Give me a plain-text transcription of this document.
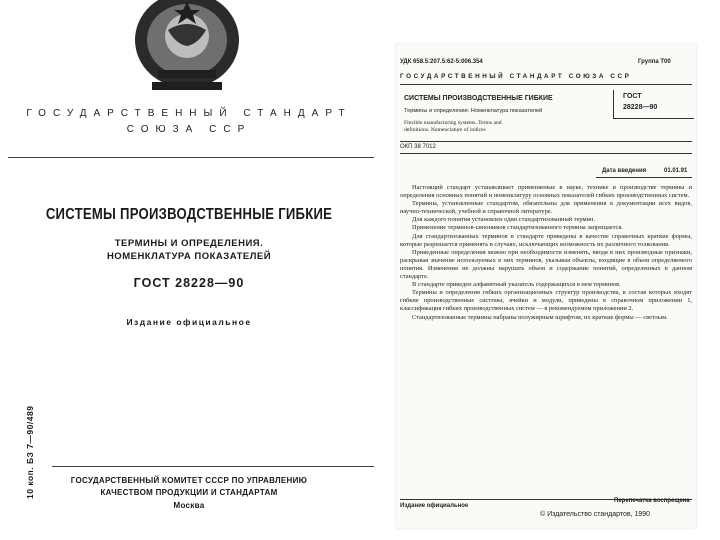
ГОСУДАРСТВЕННЫЙ СТАНДАРТ
СОЮЗА ССР
СИСТЕМЫ ПРОИЗВОДСТВЕННЫЕ ГИБКИЕ
ТЕРМИНЫ И ОПРЕДЕЛЕНИЯ.
НОМЕНКЛАТУРА ПОКАЗАТЕЛЕЙ
ГОСТ 28228—90
Издание официальное
10 коп. БЗ 7—90/489	ГОСУДАРСТВЕННЫЙ КОМИТЕТ СССР ПО УПРАВЛЕНИЮ
КАЧЕСТВОМ ПРОДУКЦИИ И СТАНДАРТАМ
Москва
УДК 658.5:207.5:62-5:006.354	Группа Т00
ГОСУДАРСТВЕННЫЙ СТАНДАРТ СОЮЗА ССР
СИСТЕМЫ ПРОИЗВОДСТВЕННЫЕ ГИБКИЕ
Термины и определения. Номенклатура показателей
Flexible manufacturing systems. Terms and
definitions. Nomenclature of indices
ГОСТ
28228—90
ОКП 38 7012
Дата введения	01.01.91

Настоящий стандарт устанавливает применяемые в науке, технике и производстве термины и определения основных понятий и номенклатуру основных показателей гибких производственных систем.

Термины, установленные стандартом, обязательны для применения в документации всех видов, научно-технической, учебной и справочной литературе.

Для каждого понятия установлен один стандартизованный термин.

Применение терминов-синонимов стандартизованного термина запрещается.

Для стандартизованных терминов в стандарте приведены в качестве справочных краткие формы, которые разрешается применять в случаях, исключающих возможность их различного толкования.

Приведенные определения можно при необходимости изменять, вводя в них производные признаки, раскрывая значение используемых в них терминов, указывая объекты, входящие в объем определяемого понятия. Изменения не должны нарушать объем и содержание понятий, определенных в данном стандарте.

В стандарте приведен алфавитный указатель содержащихся в нем терминов.

Термины и определения гибких организационных структур производства, в состав которых входят гибкие производственные системы, ячейки и модули, приведены в справочном приложении 1, классификация гибких производственных систем — в рекомендуемом приложении 2.

Стандартизованные термины набраны полужирным шрифтом, их краткие формы — светлым.

Издание официальное
Перепечатка воспрещена
© Издательство стандартов, 1990
